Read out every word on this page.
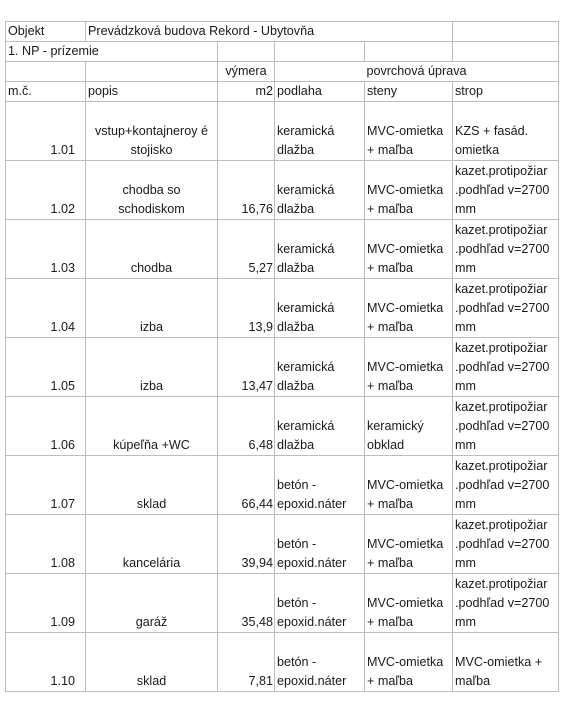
Objekt	Prevádzková budova Rekord - Ubytovňa				
1. NP - prízemie					
		výmera	povrchová úprava		
m.č.	popis	m2	podlaha	steny	strop
1.01	vstup+kontajneroy é stojisko		keramická dlažba	MVC-omietka + maľba	KZS + fasád. omietka
1.02	chodba so schodiskom	16,76	keramická dlažba	MVC-omietka + maľba	kazet.protipožiar .podhľad v=2700 mm
1.03	chodba	5,27	keramická dlažba	MVC-omietka + maľba	kazet.protipožiar .podhľad v=2700 mm
1.04	izba	13,9	keramická dlažba	MVC-omietka + maľba	kazet.protipožiar .podhľad v=2700 mm
1.05	izba	13,47	keramická dlažba	MVC-omietka + maľba	kazet.protipožiar .podhľad v=2700 mm
1.06	kúpeľňa +WC	6,48	keramická dlažba	keramický obklad	kazet.protipožiar .podhľad v=2700 mm
1.07	sklad	66,44	betón - epoxid.náter	MVC-omietka + maľba	kazet.protipožiar .podhľad v=2700 mm
1.08	kancelária	39,94	betón - epoxid.náter	MVC-omietka + maľba	kazet.protipožiar .podhľad v=2700 mm
1.09	garáž	35,48	betón - epoxid.náter	MVC-omietka + maľba	kazet.protipožiar .podhľad v=2700 mm
1.10	sklad	7,81	betón - epoxid.náter	MVC-omietka + maľba	MVC-omietka + maľba
